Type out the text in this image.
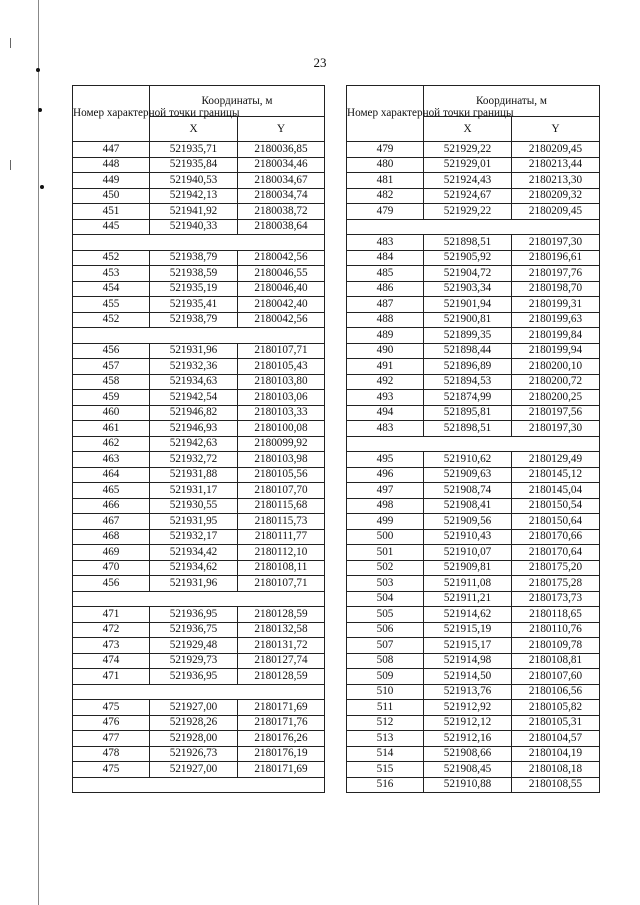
23
Номер характерной точки границы	Координаты, м	
	X	Y
447	521935,71	2180036,85
448	521935,84	2180034,46
449	521940,53	2180034,67
450	521942,13	2180034,74
451	521941,92	2180038,72
445	521940,33	2180038,64

452	521938,79	2180042,56
453	521938,59	2180046,55
454	521935,19	2180046,40
455	521935,41	2180042,40
452	521938,79	2180042,56

456	521931,96	2180107,71
457	521932,36	2180105,43
458	521934,63	2180103,80
459	521942,54	2180103,06
460	521946,82	2180103,33
461	521946,93	2180100,08
462	521942,63	2180099,92
463	521932,72	2180103,98
464	521931,88	2180105,56
465	521931,17	2180107,70
466	521930,55	2180115,68
467	521931,95	2180115,73
468	521932,17	2180111,77
469	521934,42	2180112,10
470	521934,62	2180108,11
456	521931,96	2180107,71

471	521936,95	2180128,59
472	521936,75	2180132,58
473	521929,48	2180131,72
474	521929,73	2180127,74
471	521936,95	2180128,59

475	521927,00	2180171,69
476	521928,26	2180171,76
477	521928,00	2180176,26
478	521926,73	2180176,19
475	521927,00	2180171,69

Номер характерной точки границы	Координаты, м	
	X	Y
479	521929,22	2180209,45
480	521929,01	2180213,44
481	521924,43	2180213,30
482	521924,67	2180209,32
479	521929,22	2180209,45

483	521898,51	2180197,30
484	521905,92	2180196,61
485	521904,72	2180197,76
486	521903,34	2180198,70
487	521901,94	2180199,31
488	521900,81	2180199,63
489	521899,35	2180199,84
490	521898,44	2180199,94
491	521896,89	2180200,10
492	521894,53	2180200,72
493	521874,99	2180200,25
494	521895,81	2180197,56
483	521898,51	2180197,30

495	521910,62	2180129,49
496	521909,63	2180145,12
497	521908,74	2180145,04
498	521908,41	2180150,54
499	521909,56	2180150,64
500	521910,43	2180170,66
501	521910,07	2180170,64
502	521909,81	2180175,20
503	521911,08	2180175,28
504	521911,21	2180173,73
505	521914,62	2180118,65
506	521915,19	2180110,76
507	521915,17	2180109,78
508	521914,98	2180108,81
509	521914,50	2180107,60
510	521913,76	2180106,56
511	521912,92	2180105,82
512	521912,12	2180105,31
513	521912,16	2180104,57
514	521908,66	2180104,19
515	521908,45	2180108,18
516	521910,88	2180108,55
